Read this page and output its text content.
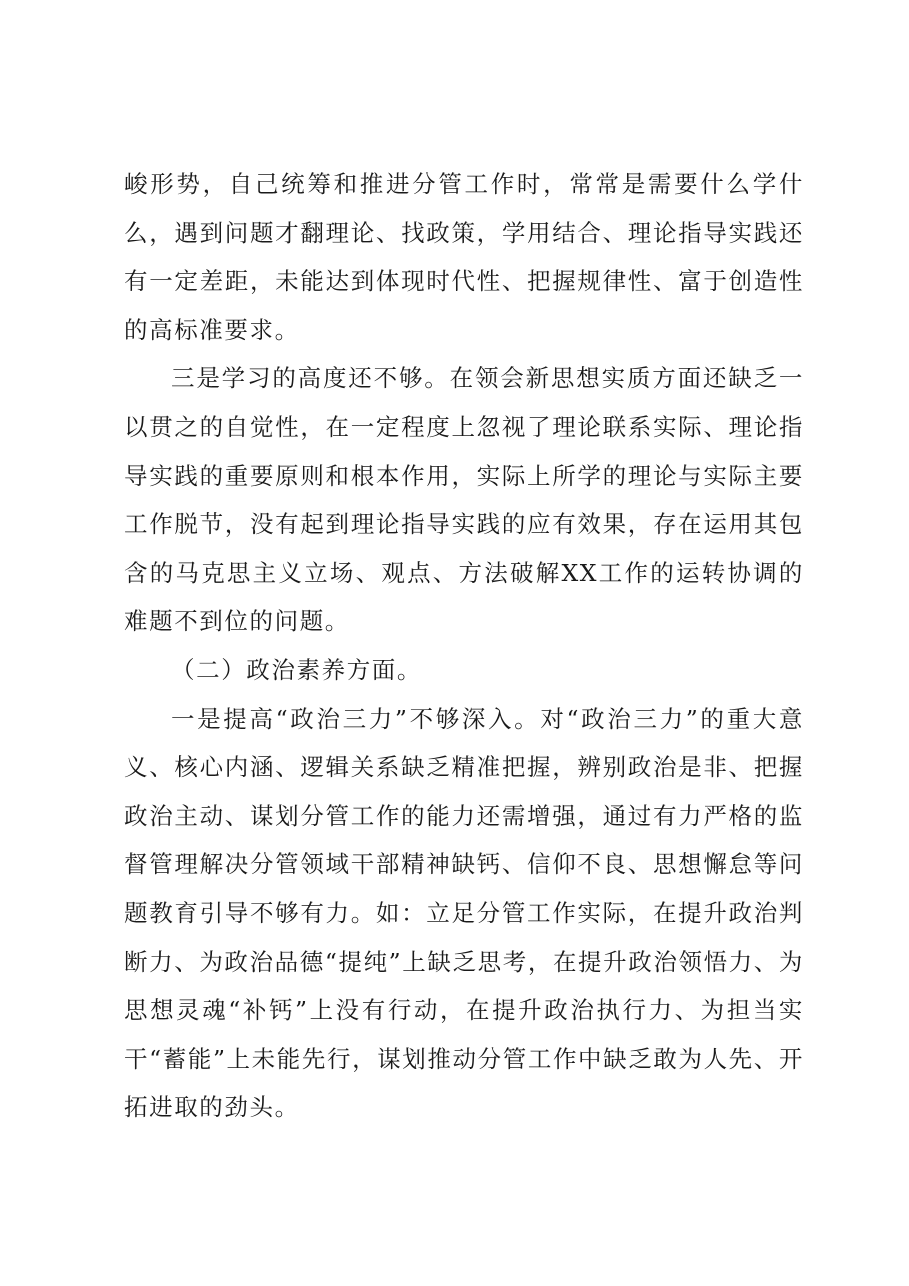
峻形势，自己统筹和推进分管工作时，常常是需要什么学什么，遇到问题才翻理论、找政策，学用结合、理论指导实践还有一定差距，未能达到体现时代性、把握规律性、富于创造性的高标准要求。

三是学习的高度还不够。在领会新思想实质方面还缺乏一以贯之的自觉性，在一定程度上忽视了理论联系实际、理论指导实践的重要原则和根本作用，实际上所学的理论与实际主要工作脱节，没有起到理论指导实践的应有效果，存在运用其包含的马克思主义立场、观点、方法破解XX工作的运转协调的难题不到位的问题。

（二）政治素养方面。

一是提高“政治三力”不够深入。对“政治三力”的重大意义、核心内涵、逻辑关系缺乏精准把握，辨别政治是非、把握政治主动、谋划分管工作的能力还需增强，通过有力严格的监督管理解决分管领域干部精神缺钙、信仰不良、思想懈怠等问题教育引导不够有力。如：立足分管工作实际，在提升政治判断力、为政治品德“提纯”上缺乏思考，在提升政治领悟力、为思想灵魂“补钙”上没有行动，在提升政治执行力、为担当实干“蓄能”上未能先行，谋划推动分管工作中缺乏敢为人先、开拓进取的劲头。
